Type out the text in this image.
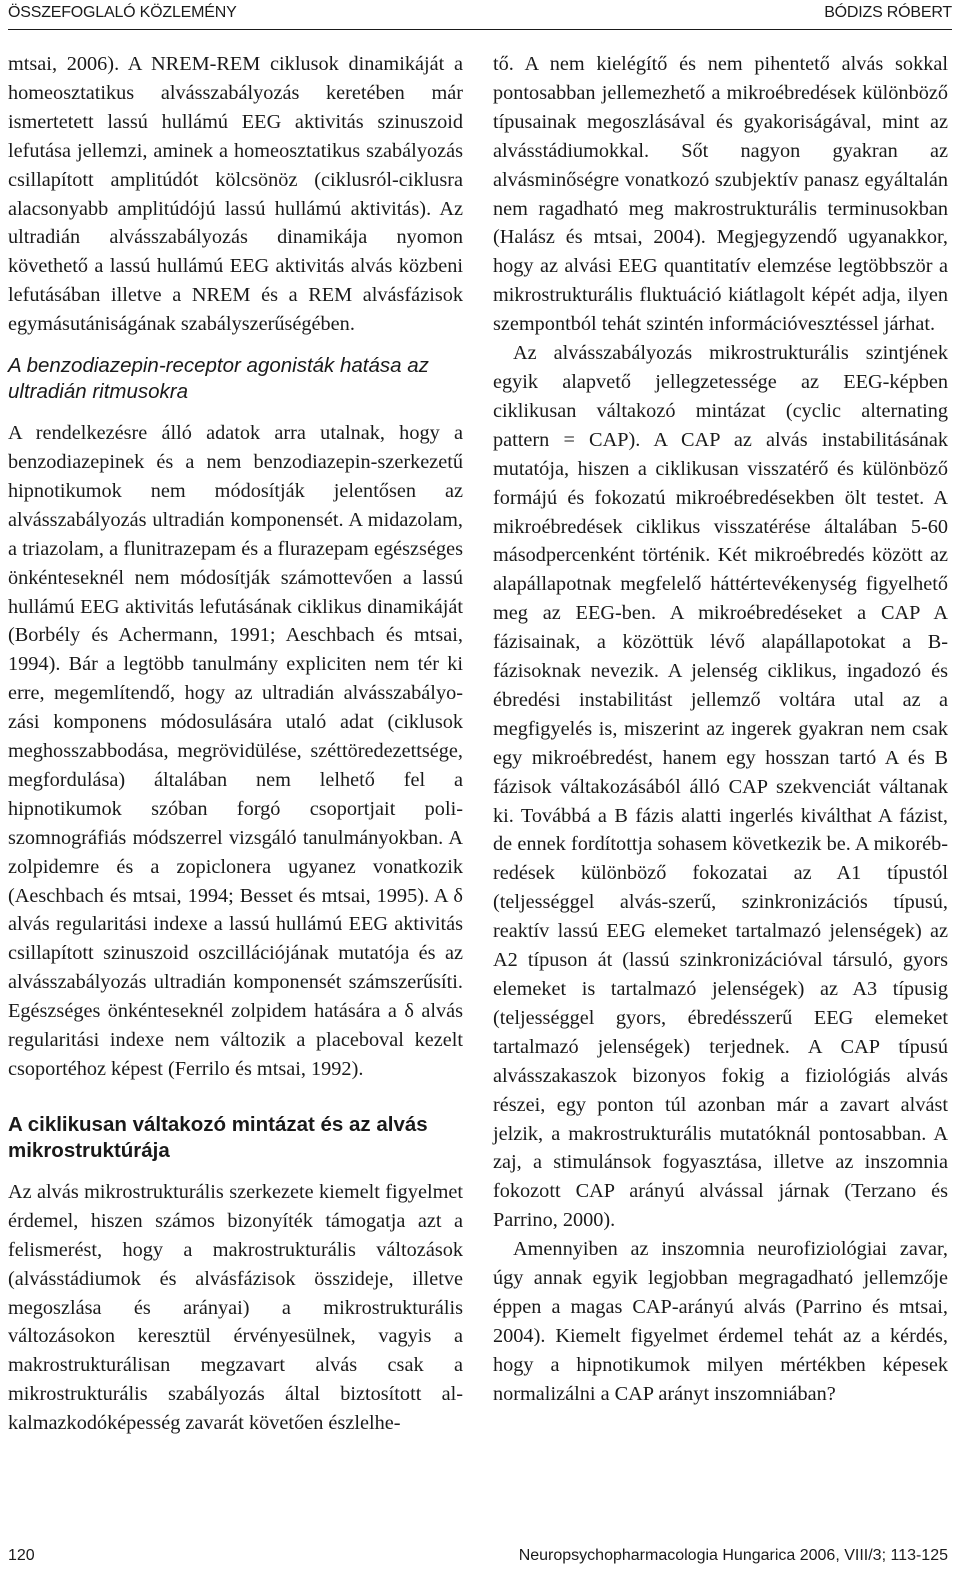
ÖSSZEFOGLALÓ KÖZLEMÉNY	BÓDIZS RÓBERT

mtsai, 2006). A NREM-REM ciklusok dinamikáját a homeosztatikus alvásszabályozás keretében már ismertetett lassú hullámú EEG aktivitás szinuszoid lefutása jellemzi, aminek a homeosztatikus szabályozás csillapított amplitúdót kölcsönöz (ciklusról-ciklusra alacsonyabb amplitúdójú lassú hullámú aktivitás). Az ultradián alvásszabályozás dinamikája nyomon követhető a lassú hullámú EEG aktivitás alvás közbeni lefutásában illetve a NREM és a REM alvásfázisok egymásutániságának szabályszerűségében.

A benzodiazepin-receptor agonisták hatása az ultradián ritmusokra

A rendelkezésre álló adatok arra utalnak, hogy a benzodiazepinek és a nem benzodiazepin-szerkezetű hipnotikumok nem módosítják jelentősen az alvásszabályozás ultradián komponensét. A midazolam, a triazolam, a flunitrazepam és a flurazepam egészséges önkénteseknél nem módosítják számottevően a lassú hullámú EEG aktivitás lefutásának ciklikus dinamikáját (Borbély és Achermann, 1991; Aeschbach és mtsai, 1994). Bár a legtöbb tanulmány expliciten nem tér ki erre, megemlítendő, hogy az ultradián alvásszabályozási komponens módosulására utaló adat (ciklusok meghosszabbodása, megrövidülése, széttöredezettsége, megfordulása) általában nem lelhető fel a hipnotikumok szóban forgó csoportjait poliszomnográfiás módszerrel vizsgáló tanulmányokban. A zolpidemre és a zopiclonera ugyanez vonatkozik (Aeschbach és mtsai, 1994; Besset és mtsai, 1995). A δ alvás regularitási indexe a lassú hullámú EEG aktivitás csillapított szinuszoid oszcillációjának mutatója és az alvásszabályozás ultradián komponensét számszerűsíti. Egészséges önkénteseknél zolpidem hatására a δ alvás regularitási indexe nem változik a placeboval kezelt csoportéhoz képest (Ferrilo és mtsai, 1992).

A ciklikusan váltakozó mintázat és az alvás mikrostruktúrája

Az alvás mikrostrukturális szerkezete kiemelt figyelmet érdemel, hiszen számos bizonyíték támogatja azt a felismerést, hogy a makrostrukturális változások (alvásstádiumok és alvásfázisok összideje, illetve megoszlása és arányai) a mikrostrukturális változásokon keresztül érvényesülnek, vagyis a makrostrukturálisan megzavart alvás csak a mikrostrukturális szabályozás által biztosított alkalmazkodóképesség zavarát követően észlelhe-

tő. A nem kielégítő és nem pihentető alvás sokkal pontosabban jellemezhető a mikroébredések különböző típusainak megoszlásával és gyakoriságával, mint az alvásstádiumokkal. Sőt nagyon gyakran az alvásminőségre vonatkozó szubjektív panasz egyáltalán nem ragadható meg makrostrukturális terminusokban (Halász és mtsai, 2004). Megjegyzendő ugyanakkor, hogy az alvási EEG quantitatív elemzése legtöbbször a mikrostrukturális fluktuáció kiátlagolt képét adja, ilyen szempontból tehát szintén információvesztéssel járhat.

Az alvásszabályozás mikrostrukturális szintjének egyik alapvető jellegzetessége az EEG-képben ciklikusan váltakozó mintázat (cyclic alternating pattern = CAP). A CAP az alvás instabilitásának mutatója, hiszen a ciklikusan visszatérő és különböző formájú és fokozatú mikroébredésekben ölt testet. A mikroébredések ciklikus visszatérése általában 5-60 másodpercenként történik. Két mikroébredés között az alapállapotnak megfelelő háttértevékenység figyelhető meg az EEG-ben. A mikroébredéseket a CAP A fázisainak, a közöttük lévő alapállapotokat a B-fázisoknak nevezik. A jelenség ciklikus, ingadozó és ébredési instabilitást jellemző voltára utal az a megfigyelés is, miszerint az ingerek gyakran nem csak egy mikroébredést, hanem egy hosszan tartó A és B fázisok váltakozásából álló CAP szekvenciát váltanak ki. Továbbá a B fázis alatti ingerlés kiválthat A fázist, de ennek fordítottja sohasem következik be. A mikorébredések különböző fokozatai az A1 típustól (teljességgel alvás-szerű, szinkronizációs típusú, reaktív lassú EEG elemeket tartalmazó jelenségek) az A2 típuson át (lassú szinkronizációval társuló, gyors elemeket is tartalmazó jelenségek) az A3 típusig (teljességgel gyors, ébredésszerű EEG elemeket tartalmazó jelenségek) terjednek. A CAP típusú alvásszakaszok bizonyos fokig a fiziológiás alvás részei, egy ponton túl azonban már a zavart alvást jelzik, a makrostrukturális mutatóknál pontosabban. A zaj, a stimulánsok fogyasztása, illetve az inszomnia fokozott CAP arányú alvással járnak (Terzano és Parrino, 2000).

Amennyiben az inszomnia neurofiziológiai zavar, úgy annak egyik legjobban megragadható jellemzője éppen a magas CAP-arányú alvás (Parrino és mtsai, 2004). Kiemelt figyelmet érdemel tehát az a kérdés, hogy a hipnotikumok milyen mértékben képesek normalizálni a CAP arányt inszomniában?

120	Neuropsychopharmacologia Hungarica 2006, VIII/3; 113-125
